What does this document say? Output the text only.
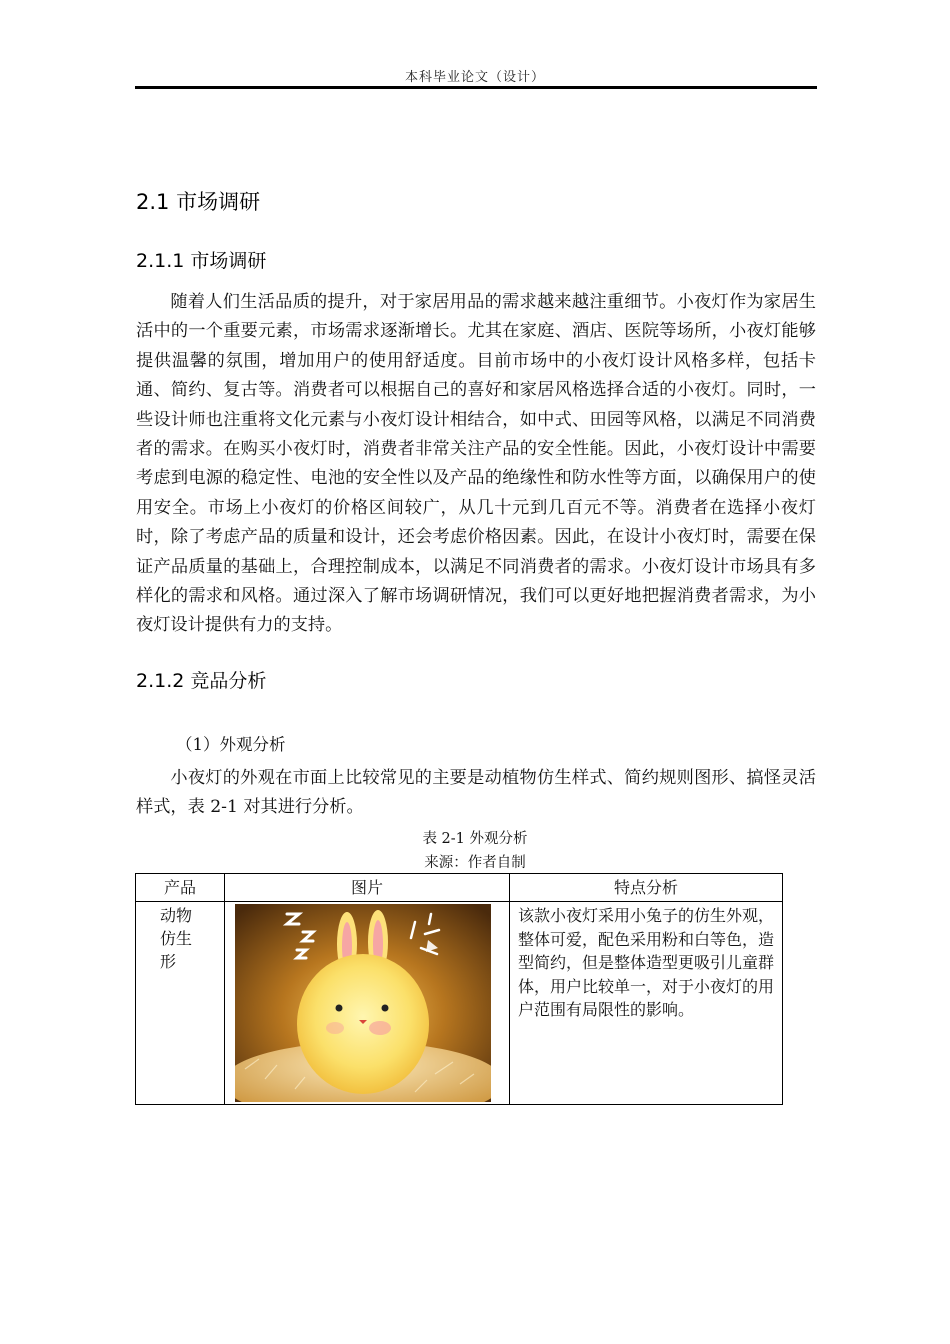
本科毕业论文（设计）
2.1 市场调研
2.1.1 市场调研

随着人们生活品质的提升，对于家居用品的需求越来越注重细节。小夜灯作为家居生活中的一个重要元素，市场需求逐渐增长。尤其在家庭、酒店、医院等场所，小夜灯能够提供温馨的氛围，增加用户的使用舒适度。目前市场中的小夜灯设计风格多样，包括卡通、简约、复古等。消费者可以根据自己的喜好和家居风格选择合适的小夜灯。同时，一些设计师也注重将文化元素与小夜灯设计相结合，如中式、田园等风格，以满足不同消费者的需求。在购买小夜灯时，消费者非常关注产品的安全性能。因此，小夜灯设计中需要考虑到电源的稳定性、电池的安全性以及产品的绝缘性和防水性等方面，以确保用户的使用安全。市场上小夜灯的价格区间较广，从几十元到几百元不等。消费者在选择小夜灯时，除了考虑产品的质量和设计，还会考虑价格因素。因此，在设计小夜灯时，需要在保证产品质量的基础上，合理控制成本，以满足不同消费者的需求。小夜灯设计市场具有多样化的需求和风格。通过深入了解市场调研情况，我们可以更好地把握消费者需求，为小夜灯设计提供有力的支持。

2.1.2 竞品分析
（1）外观分析

小夜灯的外观在市面上比较常见的主要是动植物仿生样式、简约规则图形、搞怪灵活样式，表 2-1 对其进行分析。

表 2-1 外观分析
来源：作者自制
产品	图片	特点分析

动物仿生形		该款小夜灯采用小兔子的仿生外观，整体可爱，配色采用粉和白等色，造型简约，但是整体造型更吸引儿童群体，用户比较单一，对于小夜灯的用户范围有局限性的影响。
